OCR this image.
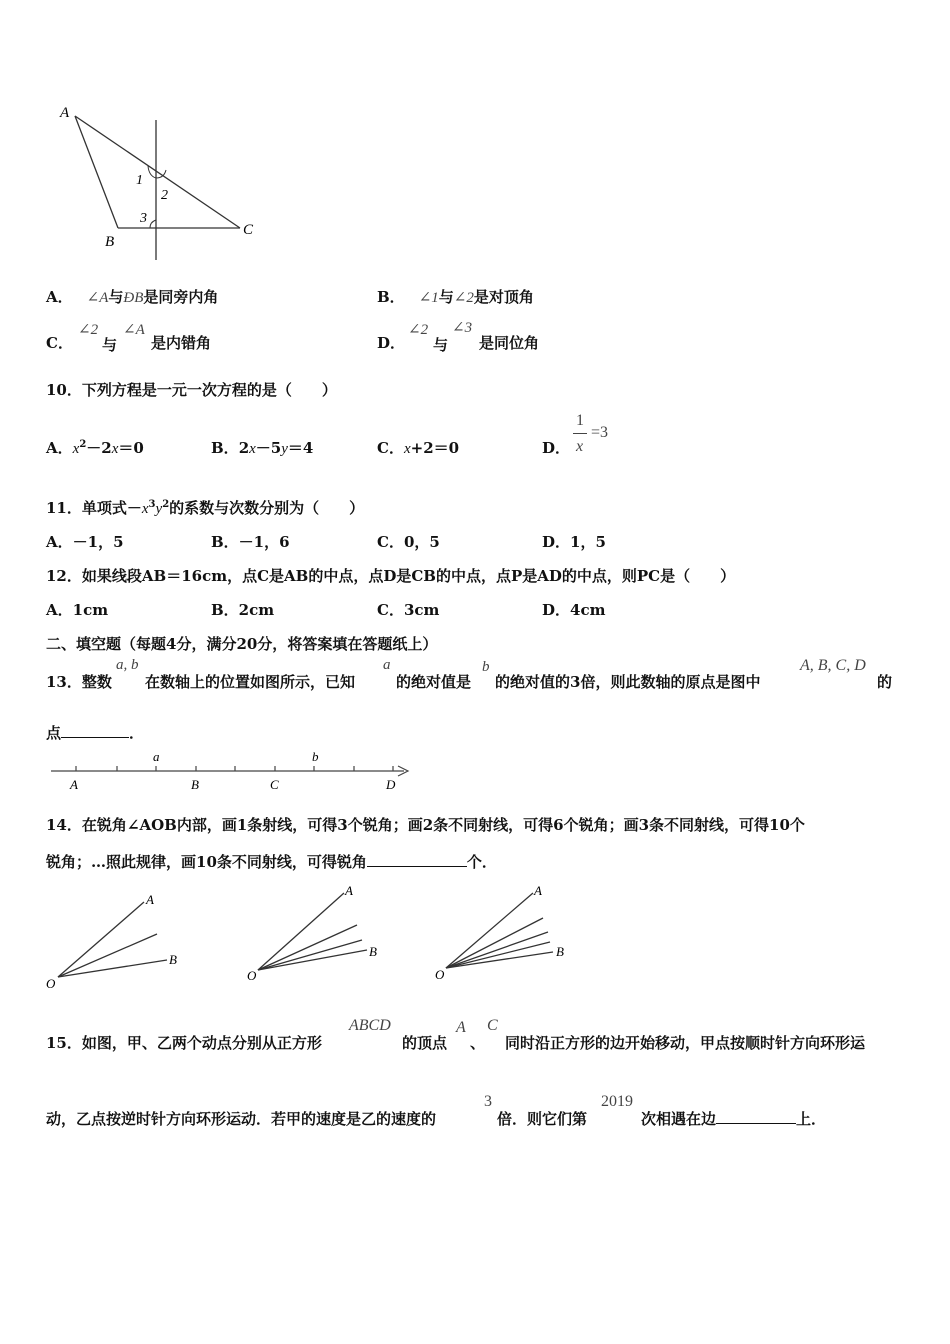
A
B
C
1
2
3
A． ∠A与ÐB是同旁内角	B． ∠1与∠2是对顶角
C．
∠2
与
∠A
是内错角	D．
∠2
与
∠3
是同位角
10．下列方程是一元一次方程的是（　　）
A．$x^2-2x=0$	B．2x－5y＝4	C．x+2＝0	D．
1
x
=3
11．单项式$-x^3y^2$的系数与次数分别为（　　）
A．－1，5	B．－1，6	C．0，5	D．1，5
12．如果线段AB＝16cm，点C是AB的中点，点D是CB的中点，点P是AD的中点，则PC是（　　）
A．1cm	B．2cm	C．3cm	D．4cm
二、填空题（每题4分，满分20分，将答案填在答题纸上）
13．整数
a, b
在数轴上的位置如图所示，已知
a
的绝对值是
b
的绝对值的3倍，则此数轴的原点是图中
A, B, C, D
的
点	．
a	b
A	B	C	D
14．在锐角∠AOB内部，画1条射线，可得3个锐角；画2条不同射线，可得6个锐角；画3条不同射线，可得10个
锐角；…照此规律，画10条不同射线，可得锐角	个．
A
B
O
A
B
O
A
B
O
15．如图，甲、乙两个动点分别从正方形
ABCD
的顶点
A
、
C
同时沿正方形的边开始移动，甲点按顺时针方向环形运
动，乙点按逆时针方向环形运动．若甲的速度是乙的速度的
3
倍．则它们第
2019
次相遇在边	上．
